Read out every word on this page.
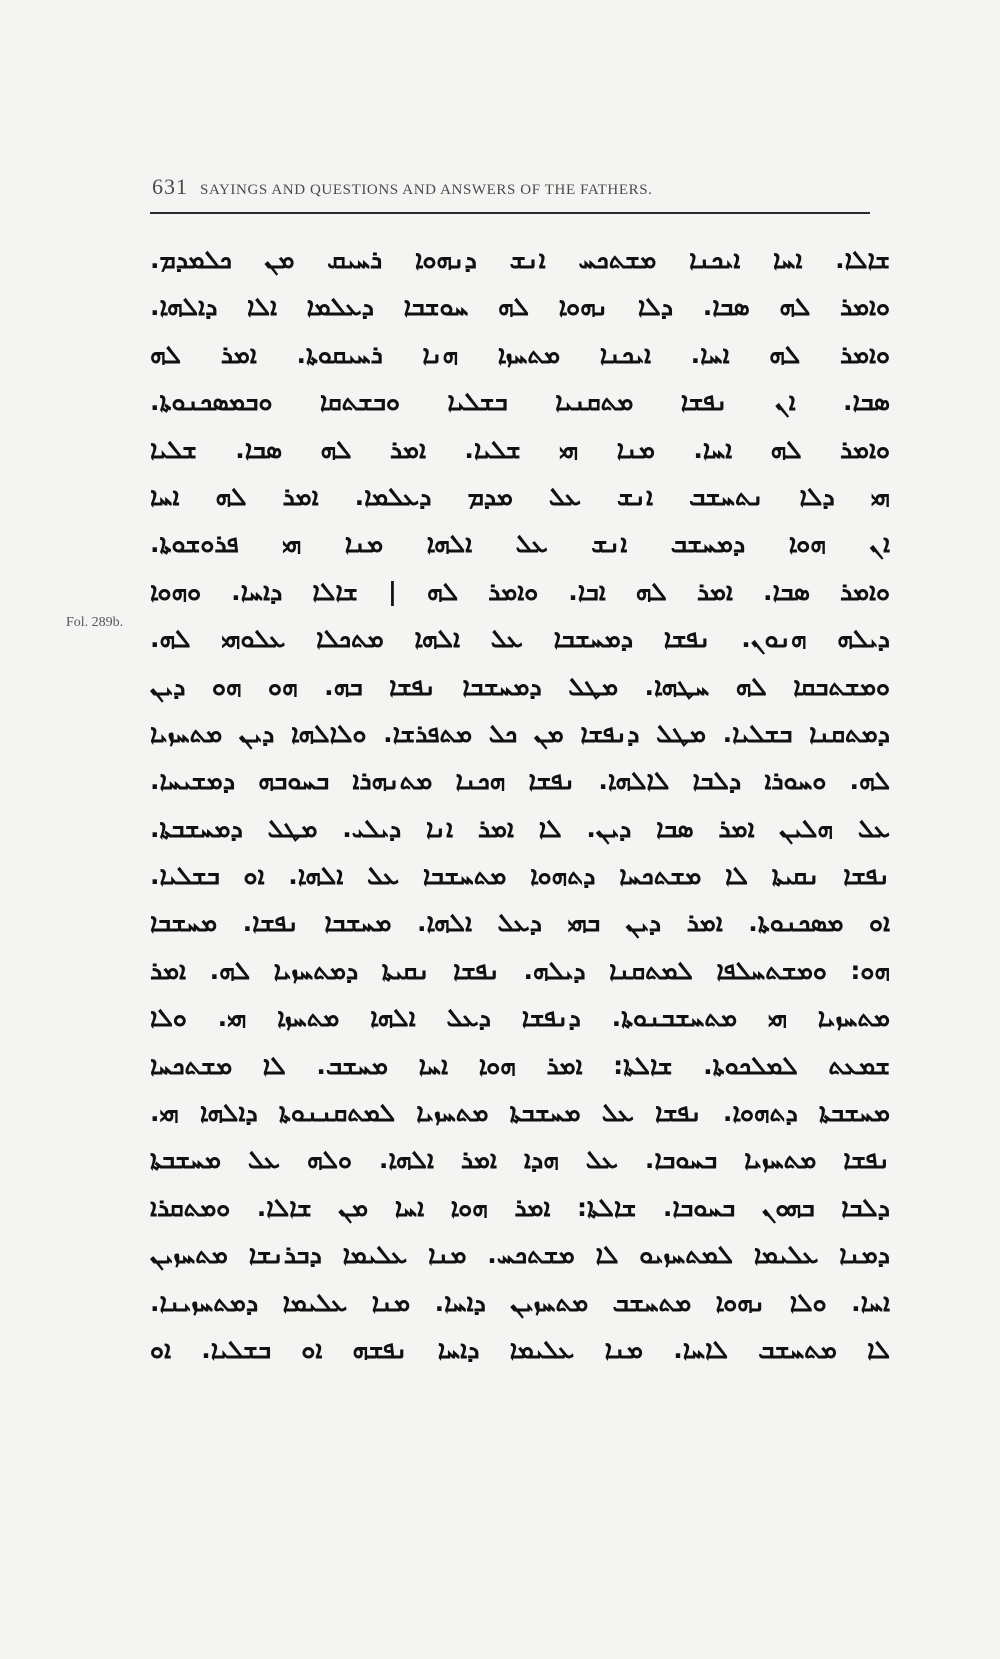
631 SAYINGS AND QUESTIONS AND ANSWERS OF THE FATHERS.
Fol. 289b.
ܫܐܠܐ. ܐܚܐ ܐܝܟܢܐ ܡܫܬܟܚ ܐܢܫ ܕܢܗܘܐ ܪܚܝܩ ܡܢ ܟܠܡܕܡ.
ܘܐܡܪ ܠܗ ܣܒܐ. ܕܠܐ ܢܗܘܐ ܠܗ ܚܘܫܒܐ ܕܥܠܡܐ ܐܠܐ ܕܐܠܗܐ.
ܘܐܡܪ ܠܗ ܐܚܐ. ܐܝܟܢܐ ܡܬܚܙܐ ܗܢܐ ܪܚܝܩܘܬܐ. ܐܡܪ ܠܗ
ܣܒܐ. ܐܢ ܢܦܫܐ ܡܬܩܢܝܐ ܒܫܠܝܐ ܘܒܫܬܩܐ ܘܒܡܣܟܢܘܬܐ.
ܘܐܡܪ ܠܗ ܐܚܐ. ܡܢܐ ܗܝ ܫܠܝܐ. ܐܡܪ ܠܗ ܣܒܐ. ܫܠܝܐ
ܗܝ ܕܠܐ ܢܬܚܫܒ ܐܢܫ ܥܠ ܡܕܡ ܕܥܠܡܐ. ܐܡܪ ܠܗ ܐܚܐ
ܐܢ ܗܘܐ ܕܡܚܫܒ ܐܢܫ ܥܠ ܐܠܗܐ ܡܢܐ ܗܝ ܦܪܘܫܘܬܐ.
ܘܐܡܪ ܣܒܐ. ܐܡܪ ܠܗ ܐܒܐ. ܘܐܡܪ ܠܗ | ܫܐܠܐ ܕܐܚܐ. ܘܗܘܐ
ܕܝܠܗ ܗܢܘܢ. ܢܦܫܐ ܕܡܚܫܒܐ ܥܠ ܐܠܗܐ ܡܬܟܠܐ ܥܠܘܗܝ ܠܗ.
ܘܡܫܬܒܩܐ ܠܗ ܚܛܗܐ. ܡܛܠ ܕܡܚܫܒܐ ܢܦܫܐ ܒܗ. ܗܘ ܗܘ ܕܝܢ
ܕܡܬܩܢܐ ܒܫܠܝܐ. ܡܛܠ ܕܢܦܫܐ ܡܢ ܟܠ ܡܬܦܪܫܐ. ܘܠܐܠܗܐ ܕܝܢ ܡܬܚܙܝܐ
ܠܗ. ܘܚܘܪܐ ܕܠܒܐ ܠܐܠܗܐ. ܢܦܫܐ ܗܟܢܐ ܡܬܢܗܪܐ ܒܚܘܒܗ ܕܡܫܝܚܐ.
ܥܠ ܗܠܝܢ ܐܡܪ ܣܒܐ ܕܝܢ. ܠܐ ܐܡܪ ܐܢܐ ܕܝܠܝ. ܡܛܠ ܕܡܚܫܒܬܐ.
ܢܦܫܐ ܢܩܝܬܐ ܠܐ ܡܫܬܟܚܐ ܕܬܗܘܐ ܡܬܚܫܒܐ ܥܠ ܐܠܗܐ. ܐܘ ܒܫܠܝܐ.
ܐܘ ܡܣܟܢܘܬܐ. ܐܡܪ ܕܝܢ ܒܗܝ ܕܥܠ ܐܠܗܐ. ܡܚܫܒܐ ܢܦܫܐ. ܡܚܫܒܐ
ܗܘ: ܘܡܫܬܚܠܦܐ ܠܡܬܩܢܐ ܕܝܠܗ. ܢܦܫܐ ܢܩܝܬܐ ܕܡܬܚܙܝܐ ܠܗ. ܐܡܪ
ܡܬܚܙܝܐ ܗܝ ܡܬܚܫܒܢܘܬܐ. ܕܢܦܫܐ ܕܥܠ ܐܠܗܐ ܡܬܚܙܐ ܗܝ. ܘܠܐ
ܫܡܥܬ ܠܡܠܟܘܬܐ. ܫܐܠܬܐ: ܐܡܪ ܗܘܐ ܐܚܐ ܡܚܫܒ. ܠܐ ܡܫܬܟܚܐ
ܡܚܫܒܬܐ ܕܬܗܘܐ. ܢܦܫܐ ܥܠ ܡܚܫܒܬܐ ܡܬܚܙܝܐ ܠܡܬܩܢܢܘܬܐ ܕܐܠܗܐ ܗܝ.
ܢܦܫܐ ܡܬܚܙܝܐ ܒܚܘܒܐ. ܥܠ ܗܕܐ ܐܡܪ ܐܠܗܐ. ܘܠܗ ܥܠ ܡܚܫܒܬܐ
ܕܠܒܐ ܒܗܘܢ ܒܚܘܒܐ. ܫܐܠܬܐ: ܐܡܪ ܗܘܐ ܐܚܐ ܡܢ ܫܐܠܐ. ܘܡܬܩܪܐ
ܕܡܢܐ ܥܠܝܡܐ ܠܡܬܚܙܝܘ ܠܐ ܡܫܬܟܚ. ܡܢܐ ܥܠܝܡܐ ܕܒܪܢܫܐ ܡܬܚܙܝܢ
ܐܚܐ. ܘܠܐ ܢܗܘܐ ܡܬܚܫܒ ܡܬܚܙܝܢ ܕܐܚܐ. ܡܢܐ ܥܠܝܡܐ ܕܡܬܚܙܝܢܐ.
ܠܐ ܡܬܚܫܒ ܠܐܚܐ. ܡܢܐ ܥܠܝܡܐ ܕܐܚܐ ܢܦܫܗ ܐܘ ܒܫܠܝܐ. ܐܘ
